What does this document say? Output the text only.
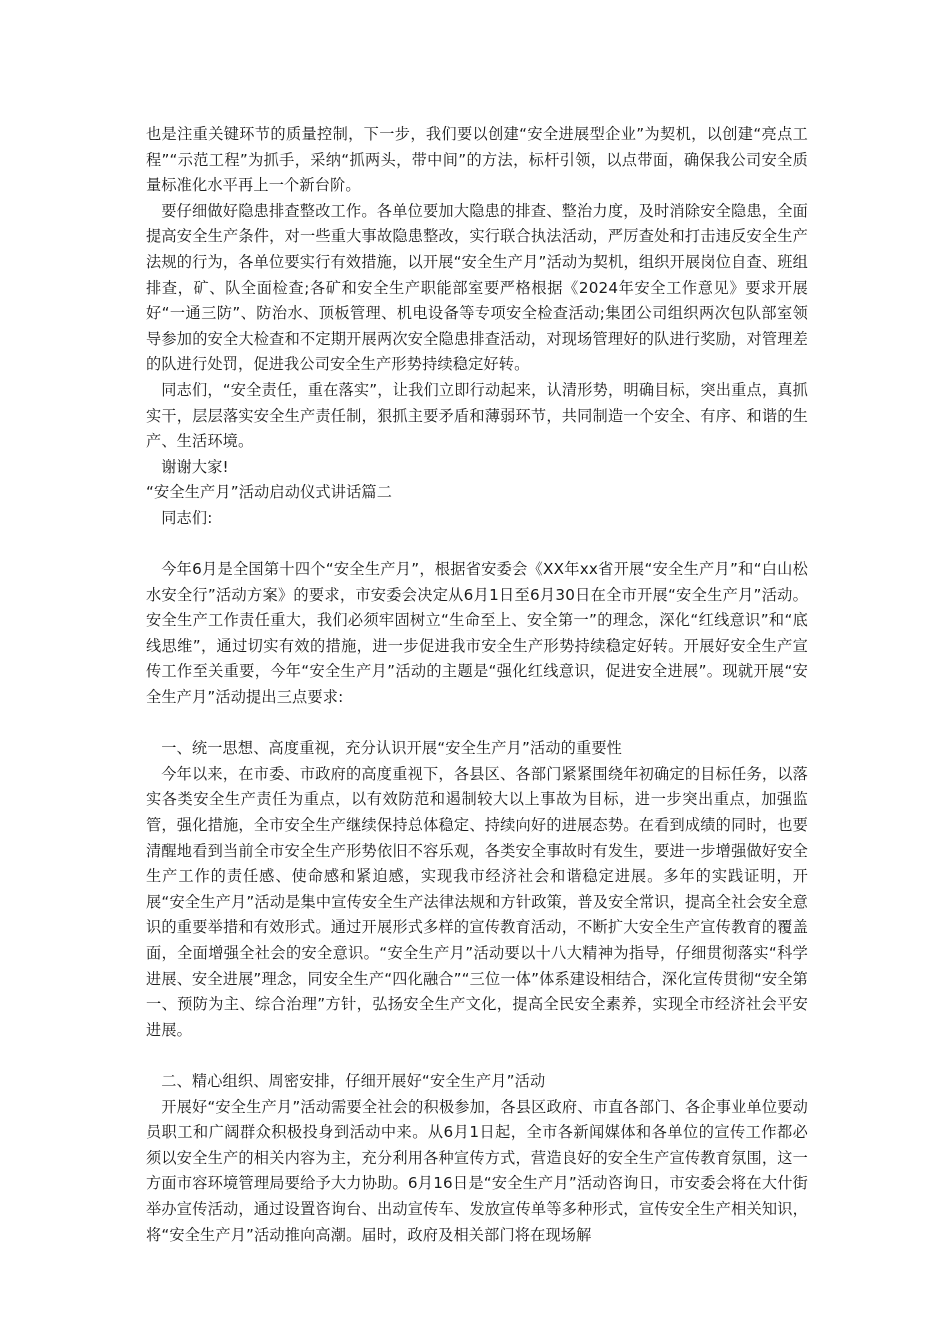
也是注重关键环节的质量控制，下一步，我们要以创建“安全进展型企业”为契机，以创建“亮点工程”“示范工程”为抓手，采纳“抓两头，带中间”的方法，标杆引领，以点带面，确保我公司安全质量标准化水平再上一个新台阶。

要仔细做好隐患排查整改工作。各单位要加大隐患的排查、整治力度，及时消除安全隐患，全面提高安全生产条件，对一些重大事故隐患整改，实行联合执法活动，严厉查处和打击违反安全生产法规的行为，各单位要实行有效措施，以开展“安全生产月”活动为契机，组织开展岗位自查、班组排查，矿、队全面检查;各矿和安全生产职能部室要严格根据《2024年安全工作意见》要求开展好“一通三防”、防治水、顶板管理、机电设备等专项安全检查活动;集团公司组织两次包队部室领导参加的安全大检查和不定期开展两次安全隐患排查活动，对现场管理好的队进行奖励，对管理差的队进行处罚，促进我公司安全生产形势持续稳定好转。

同志们，“安全责任，重在落实”，让我们立即行动起来，认清形势，明确目标，突出重点，真抓实干，层层落实安全生产责任制，狠抓主要矛盾和薄弱环节，共同制造一个安全、有序、和谐的生产、生活环境。

谢谢大家!

“安全生产月”活动启动仪式讲话篇二

同志们:

今年6月是全国第十四个“安全生产月”，根据省安委会《XX年xx省开展“安全生产月”和“白山松水安全行”活动方案》的要求，市安委会决定从6月1日至6月30日在全市开展“安全生产月”活动。安全生产工作责任重大，我们必须牢固树立“生命至上、安全第一”的理念，深化“红线意识”和“底线思维”，通过切实有效的措施，进一步促进我市安全生产形势持续稳定好转。开展好安全生产宣传工作至关重要，今年“安全生产月”活动的主题是“强化红线意识，促进安全进展”。现就开展“安全生产月”活动提出三点要求:

一、统一思想、高度重视，充分认识开展“安全生产月”活动的重要性

今年以来，在市委、市政府的高度重视下，各县区、各部门紧紧围绕年初确定的目标任务，以落实各类安全生产责任为重点，以有效防范和遏制较大以上事故为目标，进一步突出重点，加强监管，强化措施，全市安全生产继续保持总体稳定、持续向好的进展态势。在看到成绩的同时，也要清醒地看到当前全市安全生产形势依旧不容乐观，各类安全事故时有发生，要进一步增强做好安全生产工作的责任感、使命感和紧迫感，实现我市经济社会和谐稳定进展。多年的实践证明，开展“安全生产月”活动是集中宣传安全生产法律法规和方针政策，普及安全常识，提高全社会安全意识的重要举措和有效形式。通过开展形式多样的宣传教育活动，不断扩大安全生产宣传教育的覆盖面，全面增强全社会的安全意识。“安全生产月”活动要以十八大精神为指导，仔细贯彻落实“科学进展、安全进展”理念，同安全生产“四化融合”“三位一体”体系建设相结合，深化宣传贯彻“安全第一、预防为主、综合治理”方针，弘扬安全生产文化，提高全民安全素养，实现全市经济社会平安进展。

二、精心组织、周密安排，仔细开展好“安全生产月”活动

开展好“安全生产月”活动需要全社会的积极参加，各县区政府、市直各部门、各企事业单位要动员职工和广阔群众积极投身到活动中来。从6月1日起，全市各新闻媒体和各单位的宣传工作都必须以安全生产的相关内容为主，充分利用各种宣传方式，营造良好的安全生产宣传教育氛围，这一方面市容环境管理局要给予大力协助。6月16日是“安全生产月”活动咨询日，市安委会将在大什街举办宣传活动，通过设置咨询台、出动宣传车、发放宣传单等多种形式，宣传安全生产相关知识，将“安全生产月”活动推向高潮。届时，政府及相关部门将在现场解
